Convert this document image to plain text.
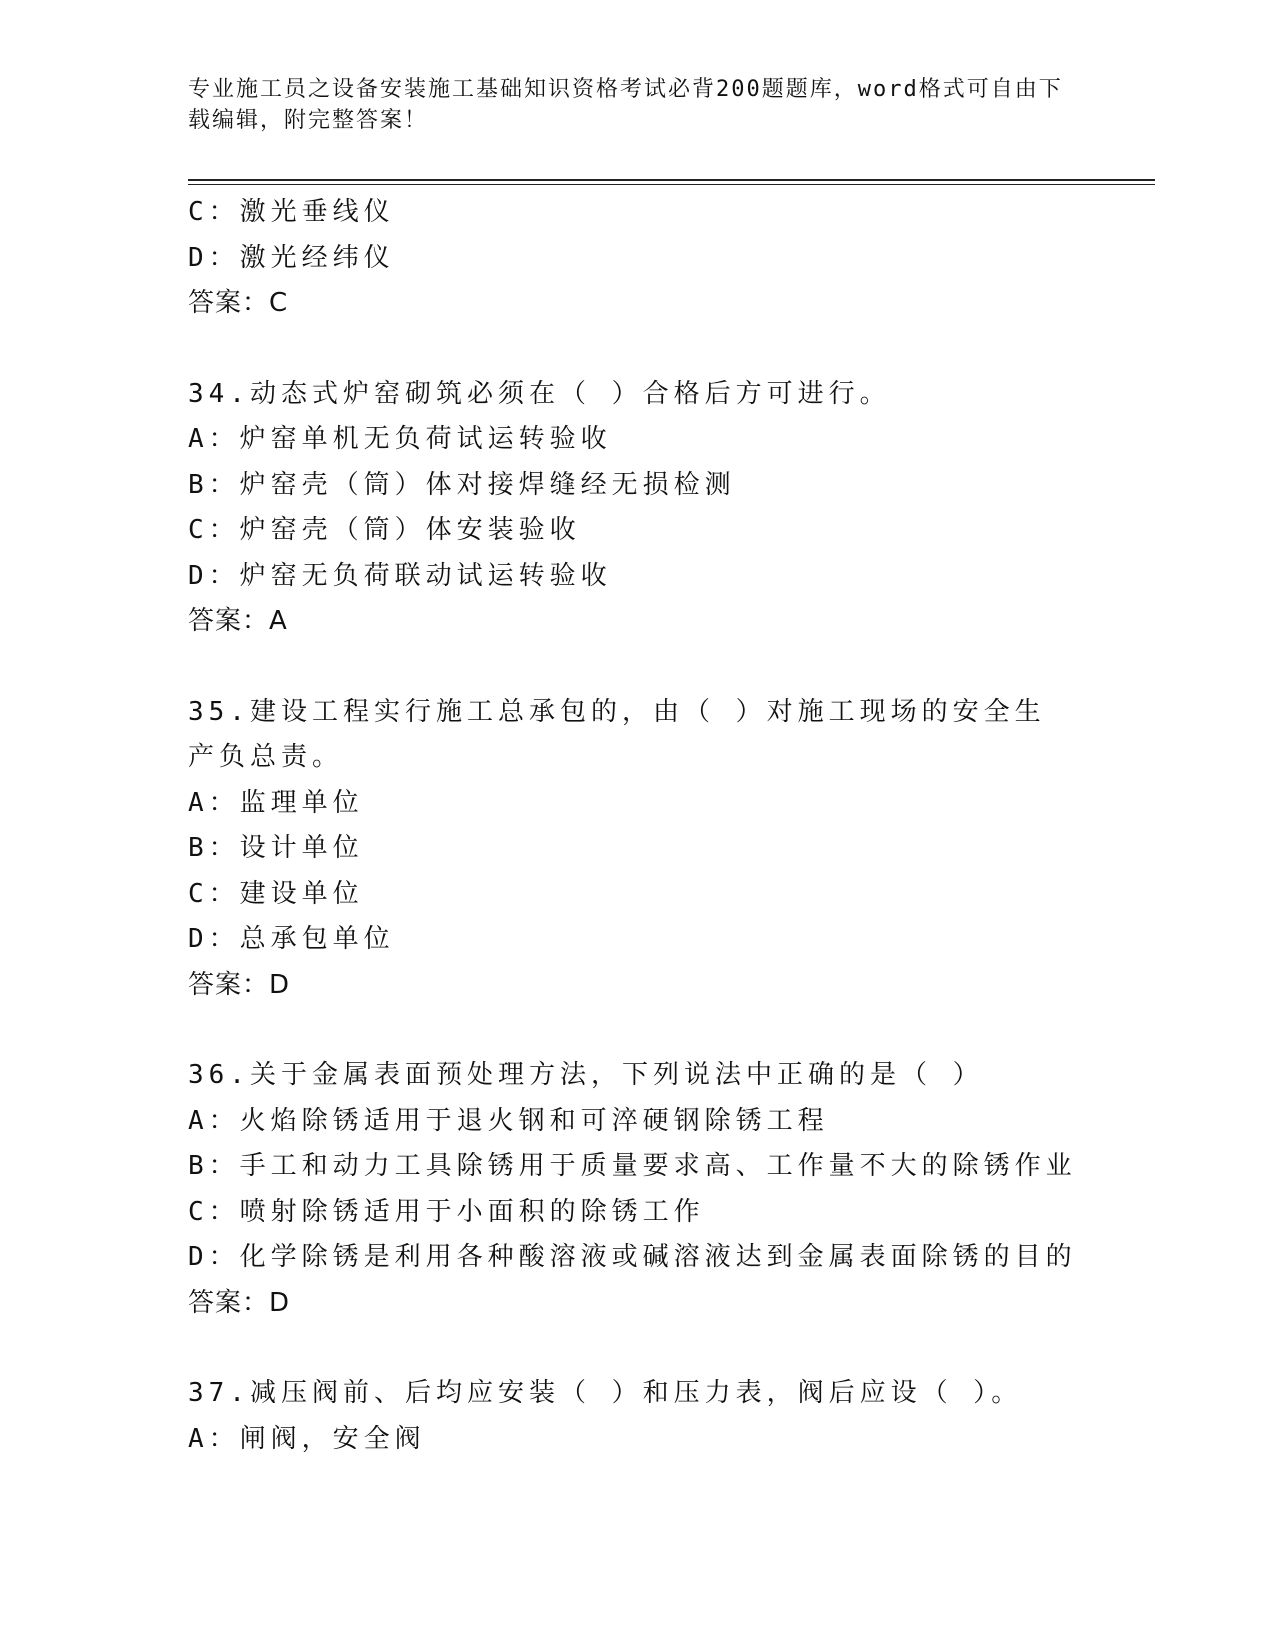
专业施工员之设备安装施工基础知识资格考试必背200题题库，word格式可自由下载编辑，附完整答案！
C：激光垂线仪
D：激光经纬仪
答案：C
34.动态式炉窑砌筑必须在（ ）合格后方可进行。
A：炉窑单机无负荷试运转验收
B：炉窑壳（筒）体对接焊缝经无损检测
C：炉窑壳（筒）体安装验收
D：炉窑无负荷联动试运转验收
答案：A
35.建设工程实行施工总承包的，由（ ）对施工现场的安全生产负总责。
A：监理单位
B：设计单位
C：建设单位
D：总承包单位
答案：D
36.关于金属表面预处理方法，下列说法中正确的是（ ）
A：火焰除锈适用于退火钢和可淬硬钢除锈工程
B：手工和动力工具除锈用于质量要求高、工作量不大的除锈作业
C：喷射除锈适用于小面积的除锈工作
D：化学除锈是利用各种酸溶液或碱溶液达到金属表面除锈的目的
答案：D
37.减压阀前、后均应安装（ ）和压力表，阀后应设（ ）。
A：闸阀，安全阀
